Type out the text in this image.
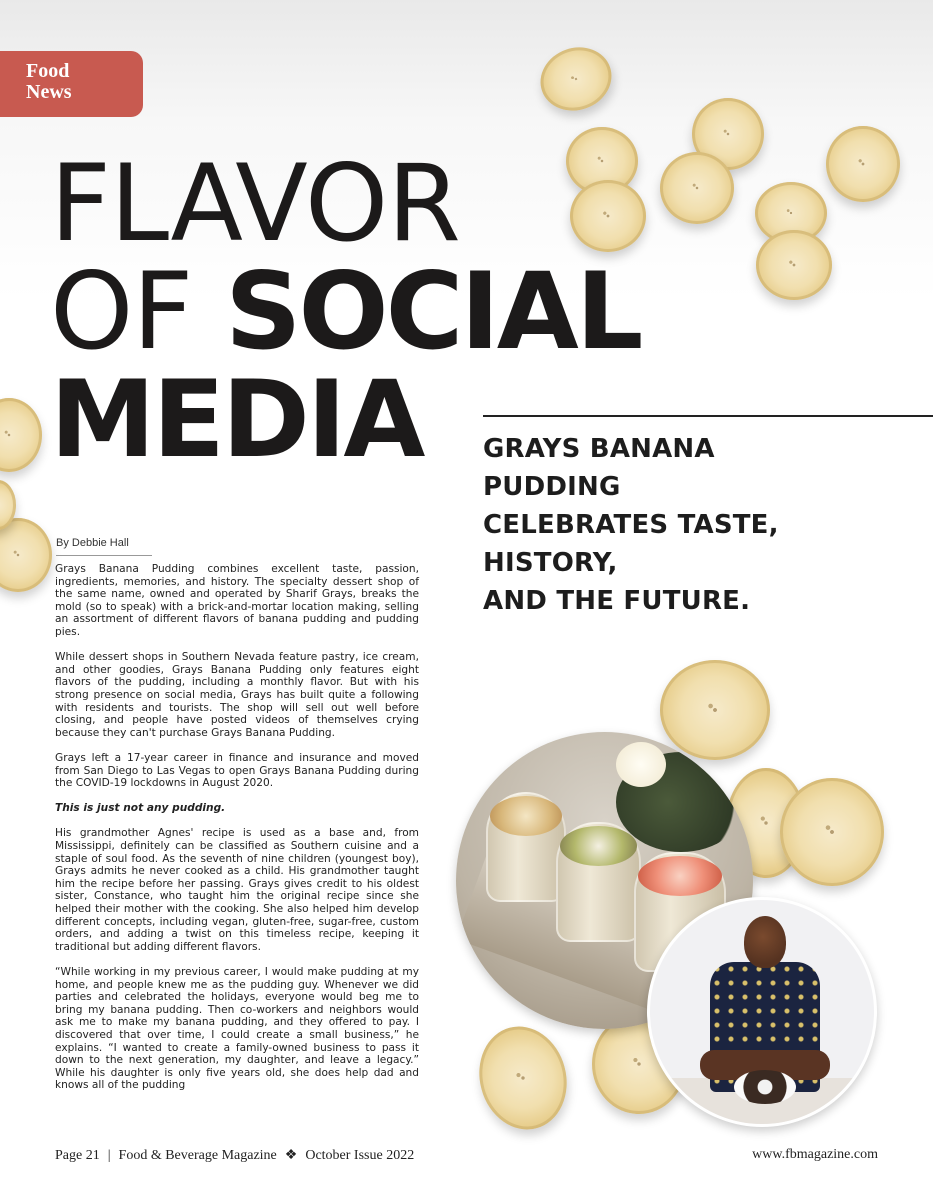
Food
News
FLAVOR
OF SOCIAL
MEDIA	GRAYS BANANA
PUDDING
CELEBRATES TASTE,
HISTORY,
AND THE FUTURE.
By Debbie Hall

Grays Banana Pudding combines excellent taste, passion, ingredients, memories, and history. The specialty dessert shop of the same name, owned and operated by Sharif Grays, breaks the mold (so to speak) with a brick-and-mortar location making, selling an assortment of different flavors of banana pudding and pudding pies.

While dessert shops in Southern Nevada feature pastry, ice cream, and other goodies, Grays Banana Pudding only features eight flavors of the pudding, including a monthly flavor. But with his strong presence on social media, Grays has built quite a following with residents and tourists. The shop will sell out well before closing, and people have posted videos of themselves crying because they can't purchase Grays Banana Pudding.

Grays left a 17-year career in finance and insurance and moved from San Diego to Las Vegas to open Grays Banana Pudding during the COVID-19 lockdowns in August 2020.

This is just not any pudding.

His grandmother Agnes' recipe is used as a base and, from Mississippi, definitely can be classified as Southern cuisine and a staple of soul food. As the seventh of nine children (youngest boy), Grays admits he never cooked as a child. His grandmother taught him the recipe before her passing. Grays gives credit to his oldest sister, Constance, who taught him the original recipe since she helped their mother with the cooking. She also helped him develop different concepts, including vegan, gluten-free, sugar-free, custom orders, and adding a twist on this timeless recipe, keeping it traditional but adding different flavors.

“While working in my previous career, I would make pudding at my home, and people knew me as the pudding guy. Whenever we did parties and celebrated the holidays, everyone would beg me to bring my banana pudding. Then co-workers and neighbors would ask me to make my banana pudding, and they offered to pay. I discovered that over time, I could create a small business,” he explains. “I wanted to create a family-owned business to pass it down to the next generation, my daughter, and leave a legacy.” While his daughter is only five years old, she does help dad and knows all of the pudding

Page 21 | Food & Beverage Magazine ❖ October Issue 2022	www.fbmagazine.com
